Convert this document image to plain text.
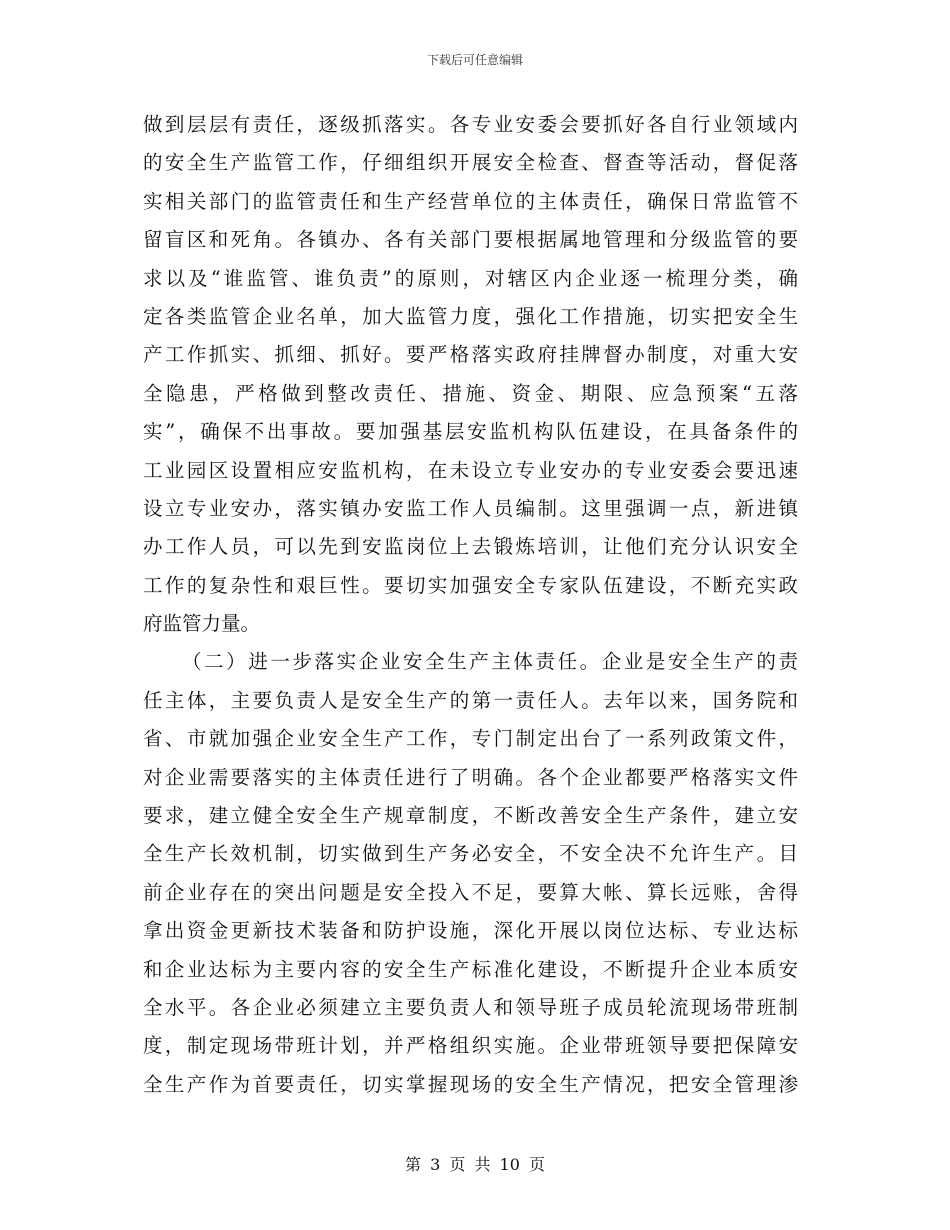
下载后可任意编辑
做到层层有责任，逐级抓落实。各专业安委会要抓好各自行业领域内
的安全生产监管工作，仔细组织开展安全检查、督查等活动，督促落
实相关部门的监管责任和生产经营单位的主体责任，确保日常监管不
留盲区和死角。各镇办、各有关部门要根据属地管理和分级监管的要
求以及“谁监管、谁负责”的原则，对辖区内企业逐一梳理分类，确
定各类监管企业名单，加大监管力度，强化工作措施，切实把安全生
产工作抓实、抓细、抓好。要严格落实政府挂牌督办制度，对重大安
全隐患，严格做到整改责任、措施、资金、期限、应急预案“五落
实”，确保不出事故。要加强基层安监机构队伍建设，在具备条件的
工业园区设置相应安监机构，在未设立专业安办的专业安委会要迅速
设立专业安办，落实镇办安监工作人员编制。这里强调一点，新进镇
办工作人员，可以先到安监岗位上去锻炼培训，让他们充分认识安全
工作的复杂性和艰巨性。要切实加强安全专家队伍建设，不断充实政
府监管力量。
（二）进一步落实企业安全生产主体责任。企业是安全生产的责
任主体，主要负责人是安全生产的第一责任人。去年以来，国务院和
省、市就加强企业安全生产工作，专门制定出台了一系列政策文件，
对企业需要落实的主体责任进行了明确。各个企业都要严格落实文件
要求，建立健全安全生产规章制度，不断改善安全生产条件，建立安
全生产长效机制，切实做到生产务必安全，不安全决不允许生产。目
前企业存在的突出问题是安全投入不足，要算大帐、算长远账，舍得
拿出资金更新技术装备和防护设施，深化开展以岗位达标、专业达标
和企业达标为主要内容的安全生产标准化建设，不断提升企业本质安
全水平。各企业必须建立主要负责人和领导班子成员轮流现场带班制
度，制定现场带班计划，并严格组织实施。企业带班领导要把保障安
全生产作为首要责任，切实掌握现场的安全生产情况，把安全管理渗
第 3 页 共 10 页
